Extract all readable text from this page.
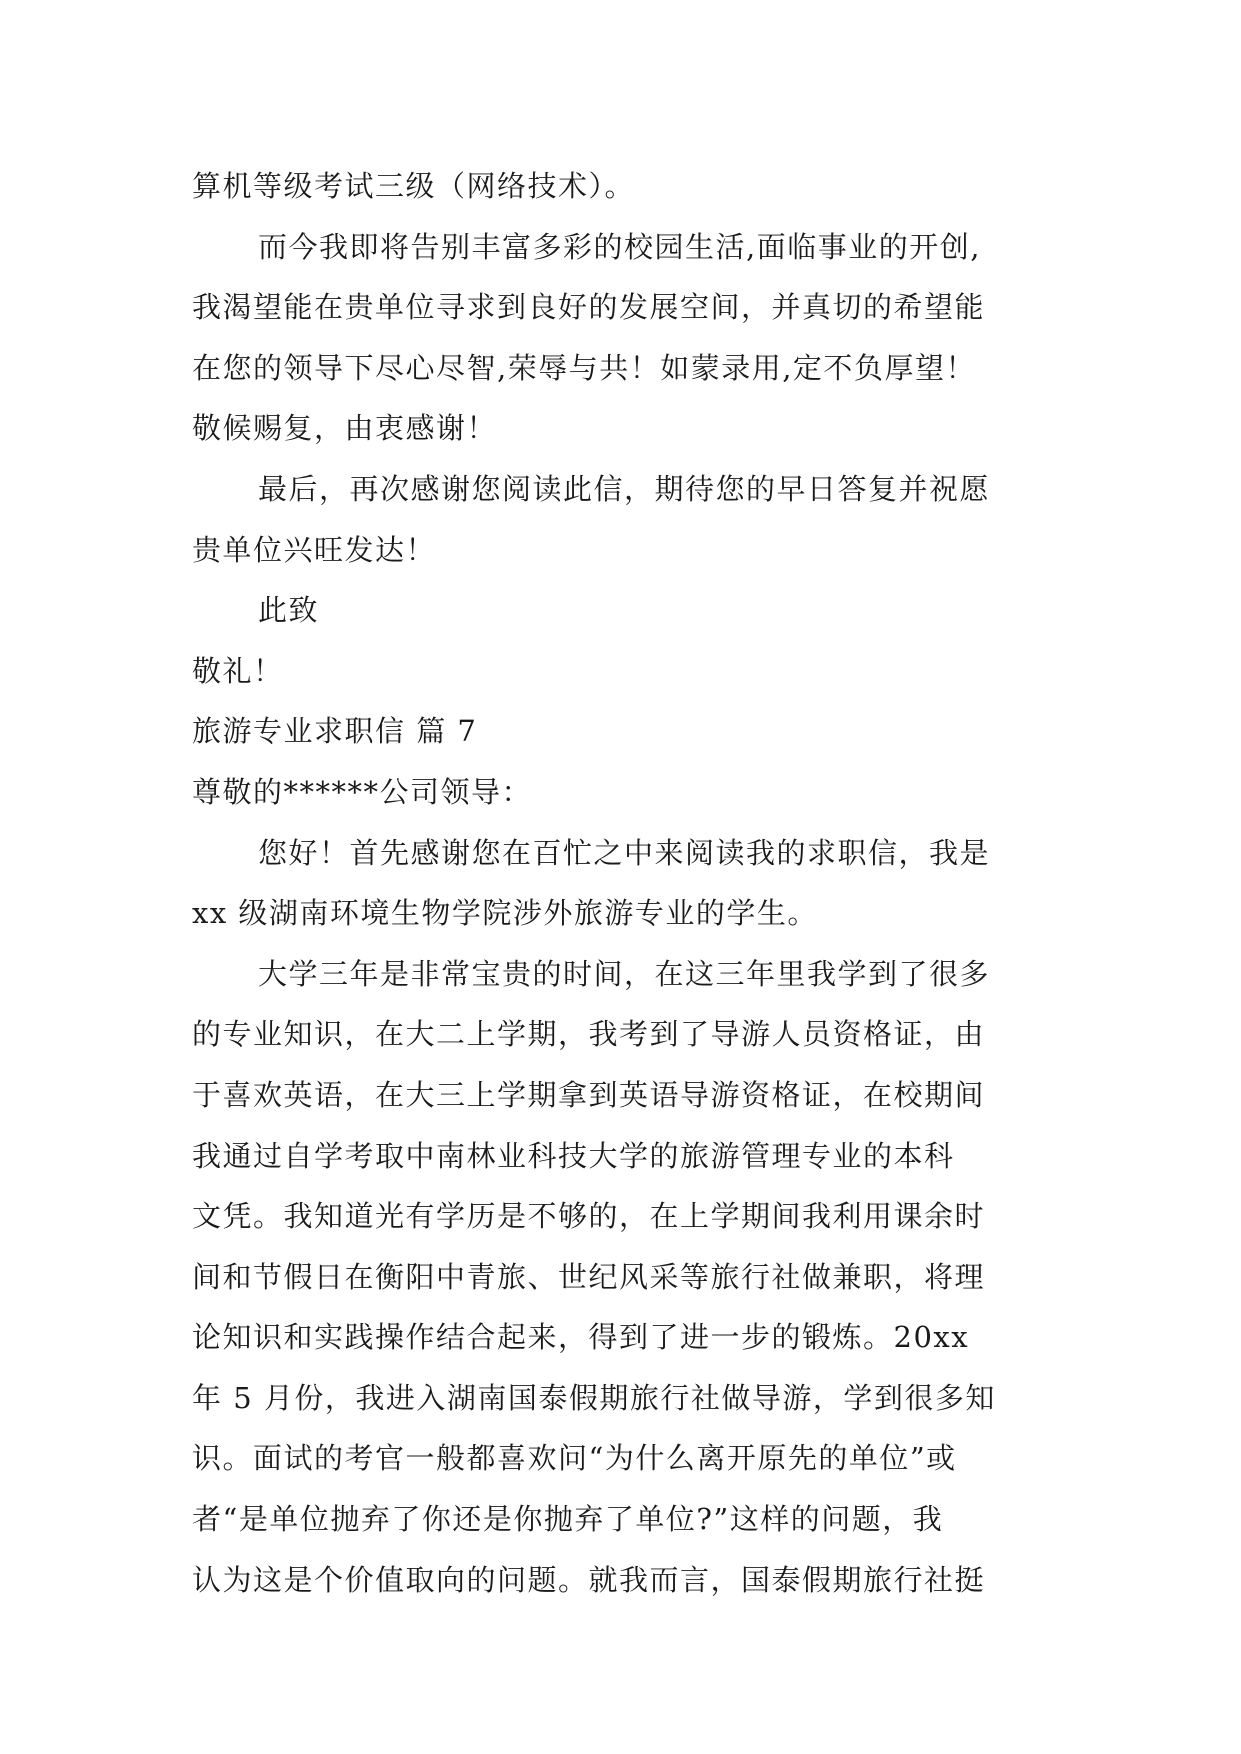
算机等级考试三级（网络技术）。
而今我即将告别丰富多彩的校园生活,面临事业的开创,
我渴望能在贵单位寻求到良好的发展空间，并真切的希望能
在您的领导下尽心尽智,荣辱与共！如蒙录用,定不负厚望！
敬候赐复，由衷感谢！
最后，再次感谢您阅读此信，期待您的早日答复并祝愿
贵单位兴旺发达！
此致
敬礼！
旅游专业求职信 篇 7
尊敬的******公司领导：
您好！首先感谢您在百忙之中来阅读我的求职信，我是
xx 级湖南环境生物学院涉外旅游专业的学生。
大学三年是非常宝贵的时间，在这三年里我学到了很多
的专业知识，在大二上学期，我考到了导游人员资格证，由
于喜欢英语，在大三上学期拿到英语导游资格证，在校期间
我通过自学考取中南林业科技大学的旅游管理专业的本科
文凭。我知道光有学历是不够的，在上学期间我利用课余时
间和节假日在衡阳中青旅、世纪风采等旅行社做兼职，将理
论知识和实践操作结合起来，得到了进一步的锻炼。20xx
年 5 月份，我进入湖南国泰假期旅行社做导游，学到很多知
识。面试的考官一般都喜欢问“为什么离开原先的单位”或
者“是单位抛弃了你还是你抛弃了单位?”这样的问题，我
认为这是个价值取向的问题。就我而言，国泰假期旅行社挺
